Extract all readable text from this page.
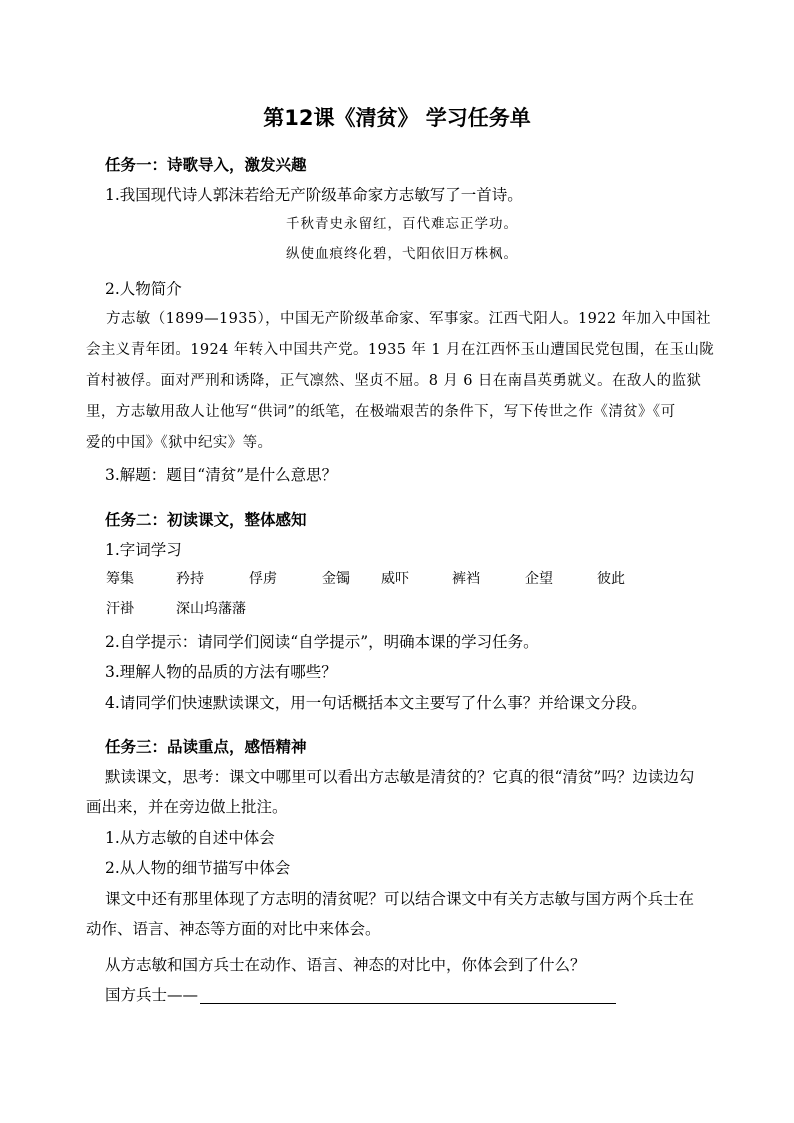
第12课《清贫》 学习任务单
任务一：诗歌导入，激发兴趣
1.我国现代诗人郭沫若给无产阶级革命家方志敏写了一首诗。
千秋青史永留红，百代难忘正学功。
纵使血痕终化碧，弋阳依旧万株枫。
2.人物简介
方志敏（1899—1935），中国无产阶级革命家、军事家。江西弋阳人。1922 年加入中国社
会主义青年团。1924 年转入中国共产党。1935 年 1 月在江西怀玉山遭国民党包围，在玉山陇
首村被俘。面对严刑和诱降，正气凛然、坚贞不屈。8 月 6 日在南昌英勇就义。在敌人的监狱
里，方志敏用敌人让他写“供词”的纸笔，在极端艰苦的条件下，写下传世之作《清贫》《可
爱的中国》《狱中纪实》等。
3.解题：题目“清贫”是什么意思？
任务二：初读课文，整体感知
1.字词学习
筹集	矜持	俘虏	金镯 威吓	裤裆	企望	彼此
汗褂	深山坞藩藩
2.自学提示：请同学们阅读“自学提示”，明确本课的学习任务。
3.理解人物的品质的方法有哪些？
4.请同学们快速默读课文，用一句话概括本文主要写了什么事？并给课文分段。
任务三：品读重点，感悟精神
默读课文，思考：课文中哪里可以看出方志敏是清贫的？它真的很“清贫”吗？边读边勾
画出来，并在旁边做上批注。
1.从方志敏的自述中体会
2.从人物的细节描写中体会
课文中还有那里体现了方志明的清贫呢？可以结合课文中有关方志敏与国方两个兵士在
动作、语言、神态等方面的对比中来体会。
从方志敏和国方兵士在动作、语言、神态的对比中，你体会到了什么？
国方兵士——
